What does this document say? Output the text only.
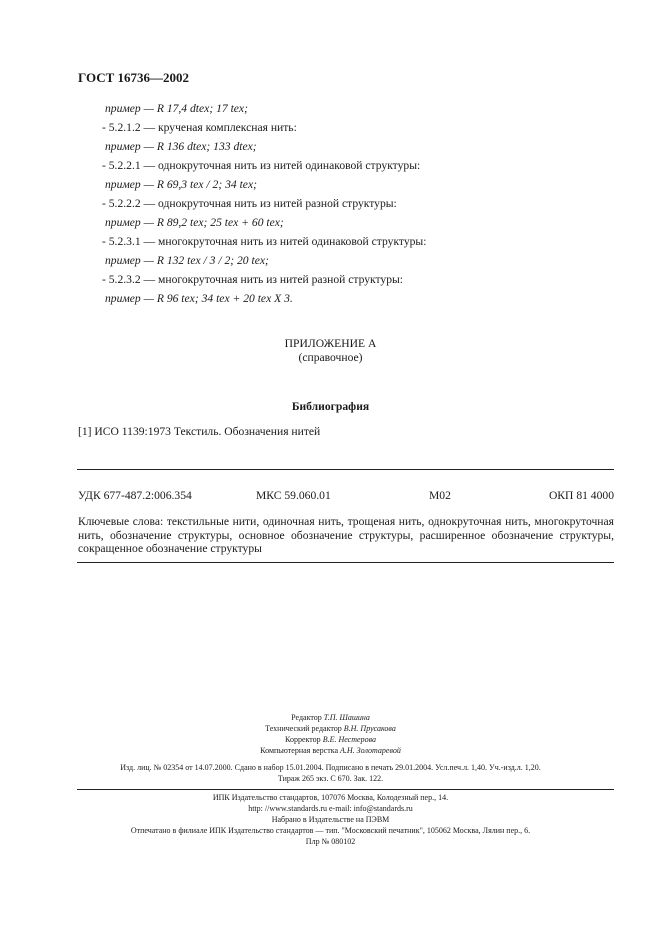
ГОСТ 16736—2002
пример — R 17,4 dtex; 17 tex;
- 5.2.1.2 — крученая комплексная нить:
пример — R 136 dtex; 133 dtex;
- 5.2.2.1 — однокруточная нить из нитей одинаковой структуры:
пример — R 69,3 tex / 2; 34 tex;
- 5.2.2.2 — однокруточная нить из нитей разной структуры:
пример — R 89,2 tex; 25 tex + 60 tex;
- 5.2.3.1 — многокруточная нить из нитей одинаковой структуры:
пример — R 132 tex / 3 / 2; 20 tex;
- 5.2.3.2 — многокруточная нить из нитей разной структуры:
пример — R 96 tex; 34 tex + 20 tex X 3.
ПРИЛОЖЕНИЕ А
(справочное)
Библиография
[1] ИСО 1139:1973 Текстиль. Обозначения нитей
УДК 677-487.2:006.354	МКС 59.060.01	М02	ОКП 81 4000
Ключевые слова: текстильные нити, одиночная нить, трощеная нить, однокруточная нить, многокруточная нить, обозначение структуры, основное обозначение структуры, расширенное обозначение структуры, сокращенное обозначение структуры
Редактор Т.П. Шашина
Технический редактор В.Н. Прусакова
Корректор В.Е. Нестерова
Компьютерная верстка А.Н. Золотаревой
Изд. лиц. № 02354 от 14.07.2000. Сдано в набор 15.01.2004. Подписано в печать 29.01.2004. Усл.печ.л. 1,40. Уч.-изд.л. 1,20.
Тираж 265 экз. С 670. Зак. 122.
ИПК Издательство стандартов, 107076 Москва, Колодезный пер., 14.
http: //www.standards.ru e-mail: info@standards.ru
Набрано в Издательстве на ПЭВМ
Отпечатано в филиале ИПК Издательство стандартов — тип. "Московский печатник", 105062 Москва, Лялин пер., 6.
Плр № 080102
